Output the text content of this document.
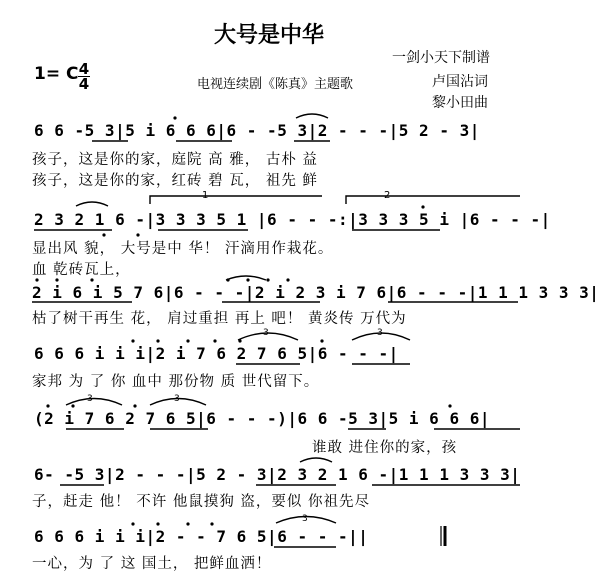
大号是中华
一剑小天下制谱
卢国沾词
黎小田曲
电视连续剧《陈真》主题歌
1= C 4
4
6 6 -5 3|5 i 6 6 6|6 - -5 3|2 - - -|5 2 - 3|
孩子，这是你的家，庭院 高 雅， 古朴 益
孩子，这是你的家，红砖 碧 瓦， 祖先 鲜
2 3 2 1 6 -|3 3 3 5 1 |6 - - -:|3 3 3 5 i |6 - - -|
显出风 貌， 大号是中 华！ 汗滴用作栽花。
血 乾砖瓦上，
1	2
2 i 6 i 5 7 6|6 - - -|2 i 2 3 i 7 6|6 - - -|1 1 1 3 3 3|
枯了树干再生 花， 肩过重担 再上 吧！ 黄炎传 万代为
6 6 6 i i i|2 i 7 6 2 7 6 5|6 - - -|
家邦 为 了 你 血中 那份物 质 世代留下。
3	3
(2 i 7 6 2 7 6 5|6 - - -)|6 6 -5 3|5 i 6 6 6|
谁敢 进住你的家，孩
3	3
6- -5 3|2 - - -|5 2 - 3|2 3 2 1 6 -|1 1 1 3 3 3|
子，赶走 他！ 不许 他鼠摸狗 盗，要似 你祖先尽
6 6 6 i i i|2 - - 7 6 5|6 - - -||
一心，为 了 这 国土， 把鲜血洒！
3
